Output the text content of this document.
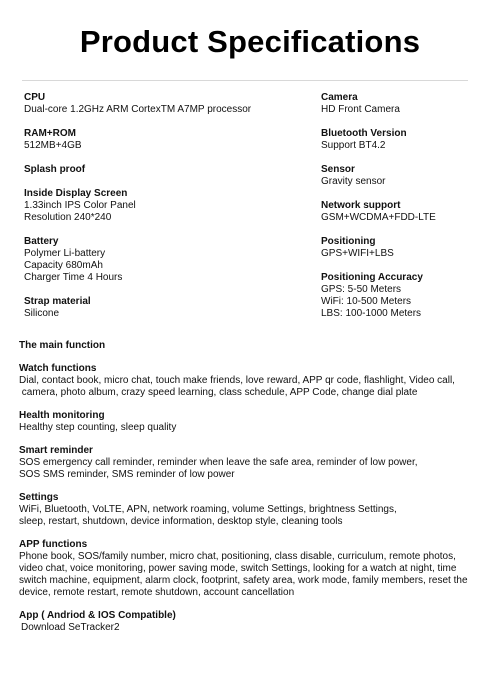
Product Specifications
CPU
Dual-core 1.2GHz ARM CortexTM A7MP processor
RAM+ROM
512MB+4GB
Splash proof
Inside Display Screen
1.33inch IPS Color Panel
Resolution 240*240
Battery
Polymer Li-battery
Capacity 680mAh
Charger Time 4 Hours
Strap material
Silicone
Camera
HD Front Camera
Bluetooth Version
Support BT4.2
Sensor
Gravity sensor
Network support
GSM+WCDMA+FDD-LTE
Positioning
GPS+WIFI+LBS
Positioning Accuracy
GPS: 5-50 Meters
WiFi: 10-500 Meters
LBS: 100-1000 Meters
The main function
Watch functions
Dial, contact book, micro chat, touch make friends, love reward, APP qr code, flashlight, Video call,
camera, photo album, crazy speed learning, class schedule, APP Code, change dial plate
Health monitoring
Healthy step counting, sleep quality
Smart reminder
SOS emergency call reminder, reminder when leave the safe area, reminder of low power,
SOS SMS reminder, SMS reminder of low power
Settings
WiFi, Bluetooth, VoLTE, APN, network roaming, volume Settings, brightness Settings,
sleep, restart, shutdown, device information, desktop style, cleaning tools
APP functions
Phone book, SOS/family number, micro chat, positioning, class disable, curriculum, remote photos,
video chat, voice monitoring, power saving mode, switch Settings, looking for a watch at night, time
switch machine, equipment, alarm clock, footprint, safety area, work mode, family members, reset the
device, remote restart, remote shutdown, account cancellation
App ( Andriod & IOS Compatible)
Download SeTracker2
